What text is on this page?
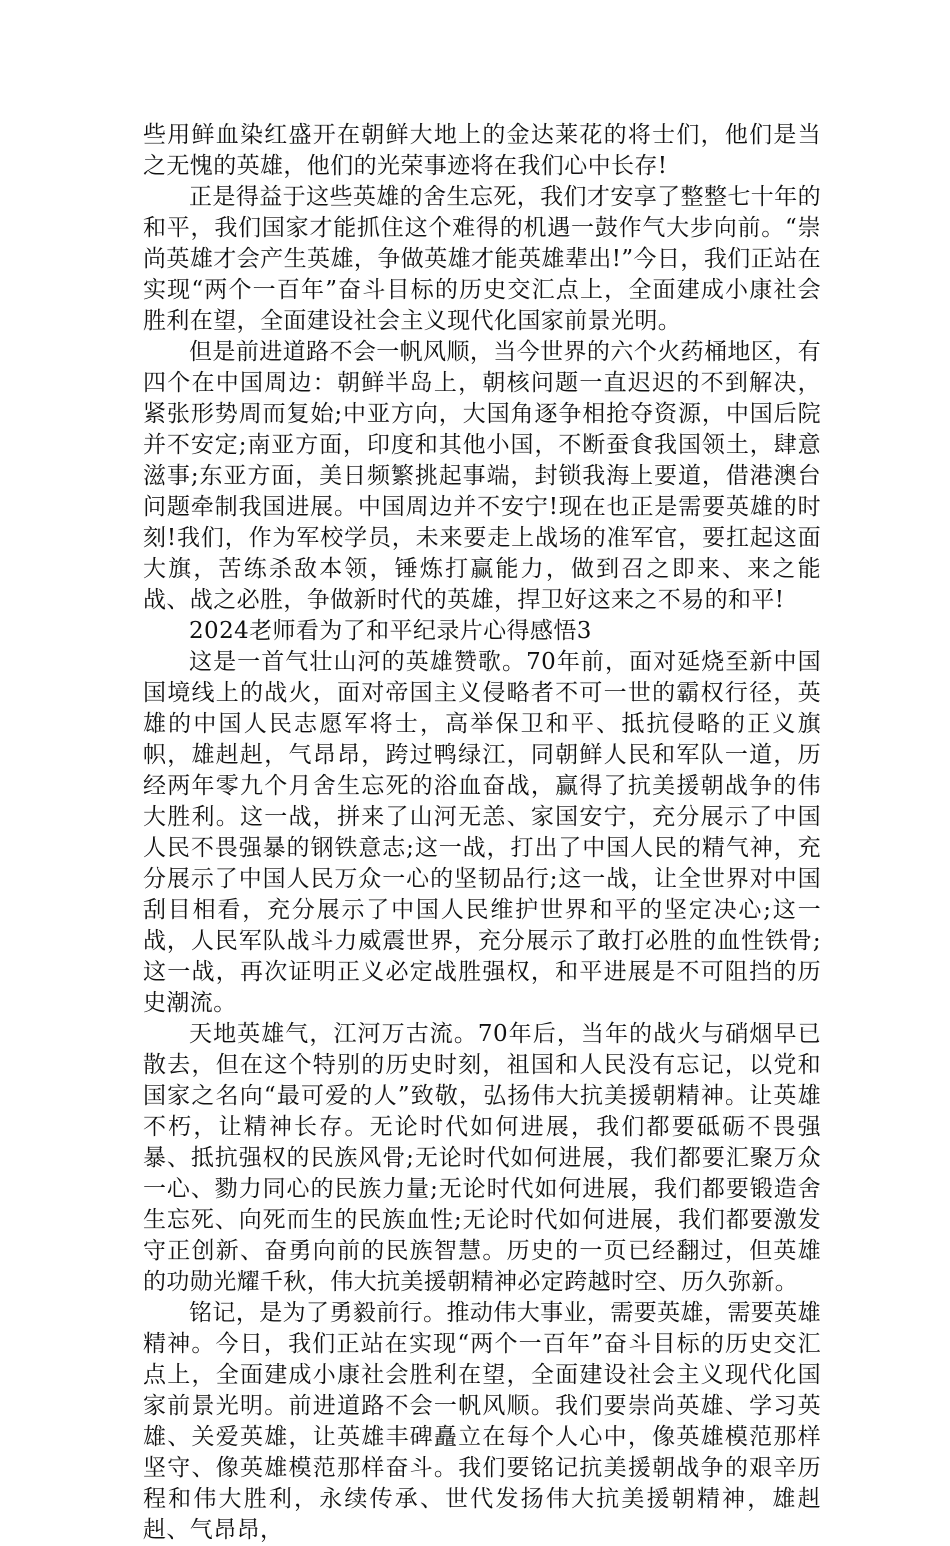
些用鲜血染红盛开在朝鲜大地上的金达莱花的将士们，他们是当之无愧的英雄，他们的光荣事迹将在我们心中长存!

正是得益于这些英雄的舍生忘死，我们才安享了整整七十年的和平，我们国家才能抓住这个难得的机遇一鼓作气大步向前。“崇尚英雄才会产生英雄，争做英雄才能英雄辈出!”今日，我们正站在实现“两个一百年”奋斗目标的历史交汇点上，全面建成小康社会胜利在望，全面建设社会主义现代化国家前景光明。

但是前进道路不会一帆风顺，当今世界的六个火药桶地区，有四个在中国周边：朝鲜半岛上，朝核问题一直迟迟的不到解决，紧张形势周而复始;中亚方向，大国角逐争相抢夺资源，中国后院并不安定;南亚方面，印度和其他小国，不断蚕食我国领土，肆意滋事;东亚方面，美日频繁挑起事端，封锁我海上要道，借港澳台问题牵制我国进展。中国周边并不安宁!现在也正是需要英雄的时刻!我们，作为军校学员，未来要走上战场的准军官，要扛起这面大旗，苦练杀敌本领，锤炼打赢能力，做到召之即来、来之能战、战之必胜，争做新时代的英雄，捍卫好这来之不易的和平!

2024老师看为了和平纪录片心得感悟3

这是一首气壮山河的英雄赞歌。70年前，面对延烧至新中国国境线上的战火，面对帝国主义侵略者不可一世的霸权行径，英雄的中国人民志愿军将士，高举保卫和平、抵抗侵略的正义旗帜，雄赳赳，气昂昂，跨过鸭绿江，同朝鲜人民和军队一道，历经两年零九个月舍生忘死的浴血奋战，赢得了抗美援朝战争的伟大胜利。这一战，拼来了山河无恙、家国安宁，充分展示了中国人民不畏强暴的钢铁意志;这一战，打出了中国人民的精气神，充分展示了中国人民万众一心的坚韧品行;这一战，让全世界对中国刮目相看，充分展示了中国人民维护世界和平的坚定决心;这一战，人民军队战斗力威震世界，充分展示了敢打必胜的血性铁骨;这一战，再次证明正义必定战胜强权，和平进展是不可阻挡的历史潮流。

天地英雄气，江河万古流。70年后，当年的战火与硝烟早已散去，但在这个特别的历史时刻，祖国和人民没有忘记，以党和国家之名向“最可爱的人”致敬，弘扬伟大抗美援朝精神。让英雄不朽，让精神长存。无论时代如何进展，我们都要砥砺不畏强暴、抵抗强权的民族风骨;无论时代如何进展，我们都要汇聚万众一心、勠力同心的民族力量;无论时代如何进展，我们都要锻造舍生忘死、向死而生的民族血性;无论时代如何进展，我们都要激发守正创新、奋勇向前的民族智慧。历史的一页已经翻过，但英雄的功勋光耀千秋，伟大抗美援朝精神必定跨越时空、历久弥新。

铭记，是为了勇毅前行。推动伟大事业，需要英雄，需要英雄精神。今日，我们正站在实现“两个一百年”奋斗目标的历史交汇点上，全面建成小康社会胜利在望，全面建设社会主义现代化国家前景光明。前进道路不会一帆风顺。我们要崇尚英雄、学习英雄、关爱英雄，让英雄丰碑矗立在每个人心中，像英雄模范那样坚守、像英雄模范那样奋斗。我们要铭记抗美援朝战争的艰辛历程和伟大胜利，永续传承、世代发扬伟大抗美援朝精神，雄赳赳、气昂昂，
